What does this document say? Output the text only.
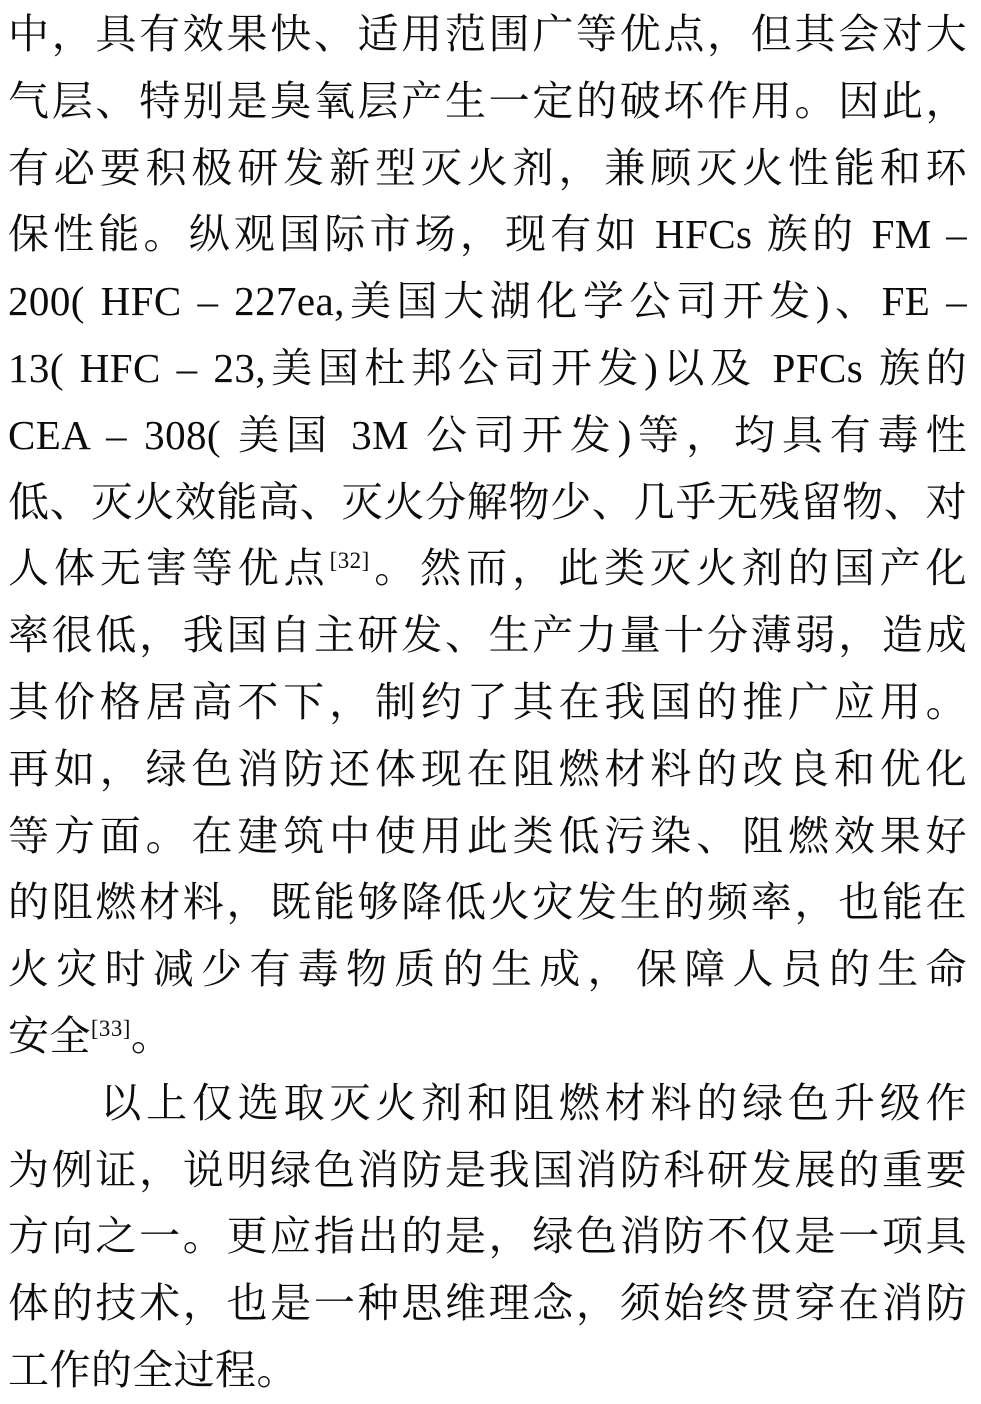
中，具有效果快、适用范围广等优点，但其会对大
气层、特别是臭氧层产生一定的破坏作用。因此，
有必要积极研发新型灭火剂，兼顾灭火性能和环
保性能。纵观国际市场，现有如 HFCs 族的 FM –
200( HFC – 227ea,美国大湖化学公司开发)、FE –
13( HFC – 23,美国杜邦公司开发)以及 PFCs 族的
CEA – 308( 美国 3M 公司开发)等，均具有毒性
低、灭火效能高、灭火分解物少、几乎无残留物、对
人体无害等优点[32]。然而，此类灭火剂的国产化
率很低，我国自主研发、生产力量十分薄弱，造成
其价格居高不下，制约了其在我国的推广应用。
再如，绿色消防还体现在阻燃材料的改良和优化
等方面。在建筑中使用此类低污染、阻燃效果好
的阻燃材料，既能够降低火灾发生的频率，也能在
火灾时减少有毒物质的生成，保障人员的生命
安全[33]。
以上仅选取灭火剂和阻燃材料的绿色升级作
为例证，说明绿色消防是我国消防科研发展的重要
方向之一。更应指出的是，绿色消防不仅是一项具
体的技术，也是一种思维理念，须始终贯穿在消防
工作的全过程。
